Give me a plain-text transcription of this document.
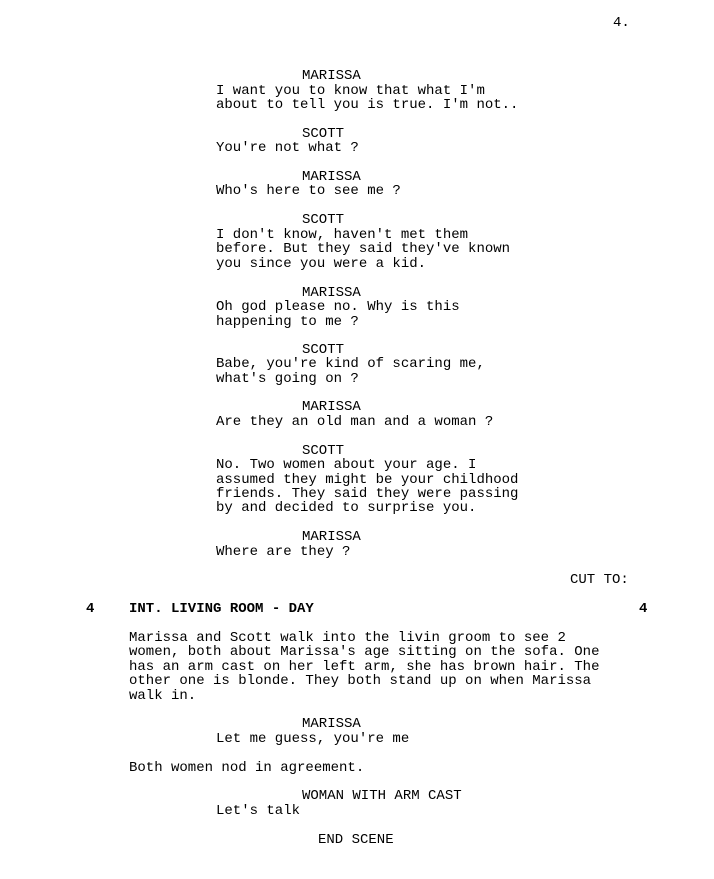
4.
MARISSA
I want you to know that what I'm
about to tell you is true. I'm not..
SCOTT
You're not what ?
MARISSA
Who's here to see me ?
SCOTT
I don't know, haven't met them
before. But they said they've known
you since you were a kid.
MARISSA
Oh god please no. Why is this
happening to me ?
SCOTT
Babe, you're kind of scaring me,
what's going on ?
MARISSA
Are they an old man and a woman ?
SCOTT
No. Two women about your age. I
assumed they might be your childhood
friends. They said they were passing
by and decided to surprise you.
MARISSA
Where are they ?
CUT TO:
4 INT. LIVING ROOM - DAY	4
Marissa and Scott walk into the livin groom to see 2
women, both about Marissa's age sitting on the sofa. One
has an arm cast on her left arm, she has brown hair. The
other one is blonde. They both stand up on when Marissa
walk in.
MARISSA
Let me guess, you're me
Both women nod in agreement.
WOMAN WITH ARM CAST
Let's talk
END SCENE
